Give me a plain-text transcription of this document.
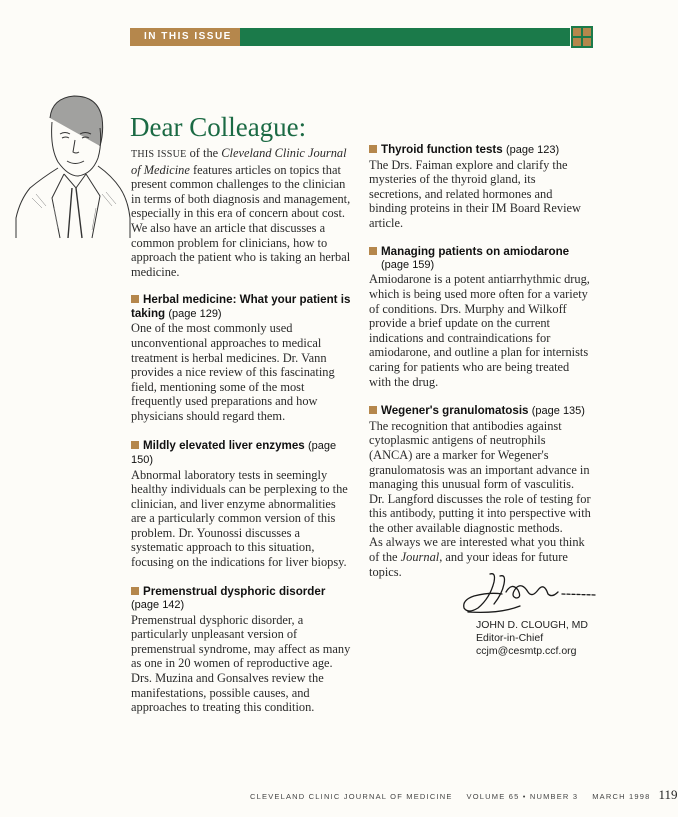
IN THIS ISSUE
Dear Colleague:

THIS ISSUE of the Cleveland Clinic Journal of Medicine features articles on topics that present common challenges to the clinician in terms of both diagnosis and management, especially in this era of concern about cost. We also have an article that discusses a common problem for clinicians, how to approach the patient who is taking an herbal medicine.

Herbal medicine: What your patient is taking (page 129)

One of the most commonly used unconventional approaches to medical treatment is herbal medicines. Dr. Vann provides a nice review of this fascinating field, mentioning some of the most frequently used preparations and how physicians should regard them.

Mildly elevated liver enzymes (page 150)

Abnormal laboratory tests in seemingly healthy individuals can be perplexing to the clinician, and liver enzyme abnormalities are a particularly common version of this problem. Dr. Younossi discusses a systematic approach to this situation, focusing on the indications for liver biopsy.

Premenstrual dysphoric disorder (page 142)

Premenstrual dysphoric disorder, a particularly unpleasant version of premenstrual syndrome, may affect as many as one in 20 women of reproductive age. Drs. Muzina and Gonsalves review the manifestations, possible causes, and approaches to treating this condition.

Thyroid function tests (page 123)

The Drs. Faiman explore and clarify the mysteries of the thyroid gland, its secretions, and related hormones and binding proteins in their IM Board Review article.

Managing patients on amiodarone
(page 159)

Amiodarone is a potent antiarrhythmic drug, which is being used more often for a variety of conditions. Drs. Murphy and Wilkoff provide a brief update on the current indications and contraindications for amiodarone, and outline a plan for internists caring for patients who are being treated with the drug.

Wegener's granulomatosis (page 135)

The recognition that antibodies against cytoplasmic antigens of neutrophils (ANCA) are a marker for Wegener's granulomatosis was an important advance in managing this unusual form of vasculitis. Dr. Langford discusses the role of testing for this antibody, putting it into perspective with the other available diagnostic methods.

As always we are interested what you think of the Journal, and your ideas for future topics.

JOHN D. CLOUGH, MD
Editor-in-Chief
ccjm@cesmtp.ccf.org
CLEVELAND CLINIC JOURNAL OF MEDICINE VOLUME 65 • NUMBER 3 MARCH 1998 119
